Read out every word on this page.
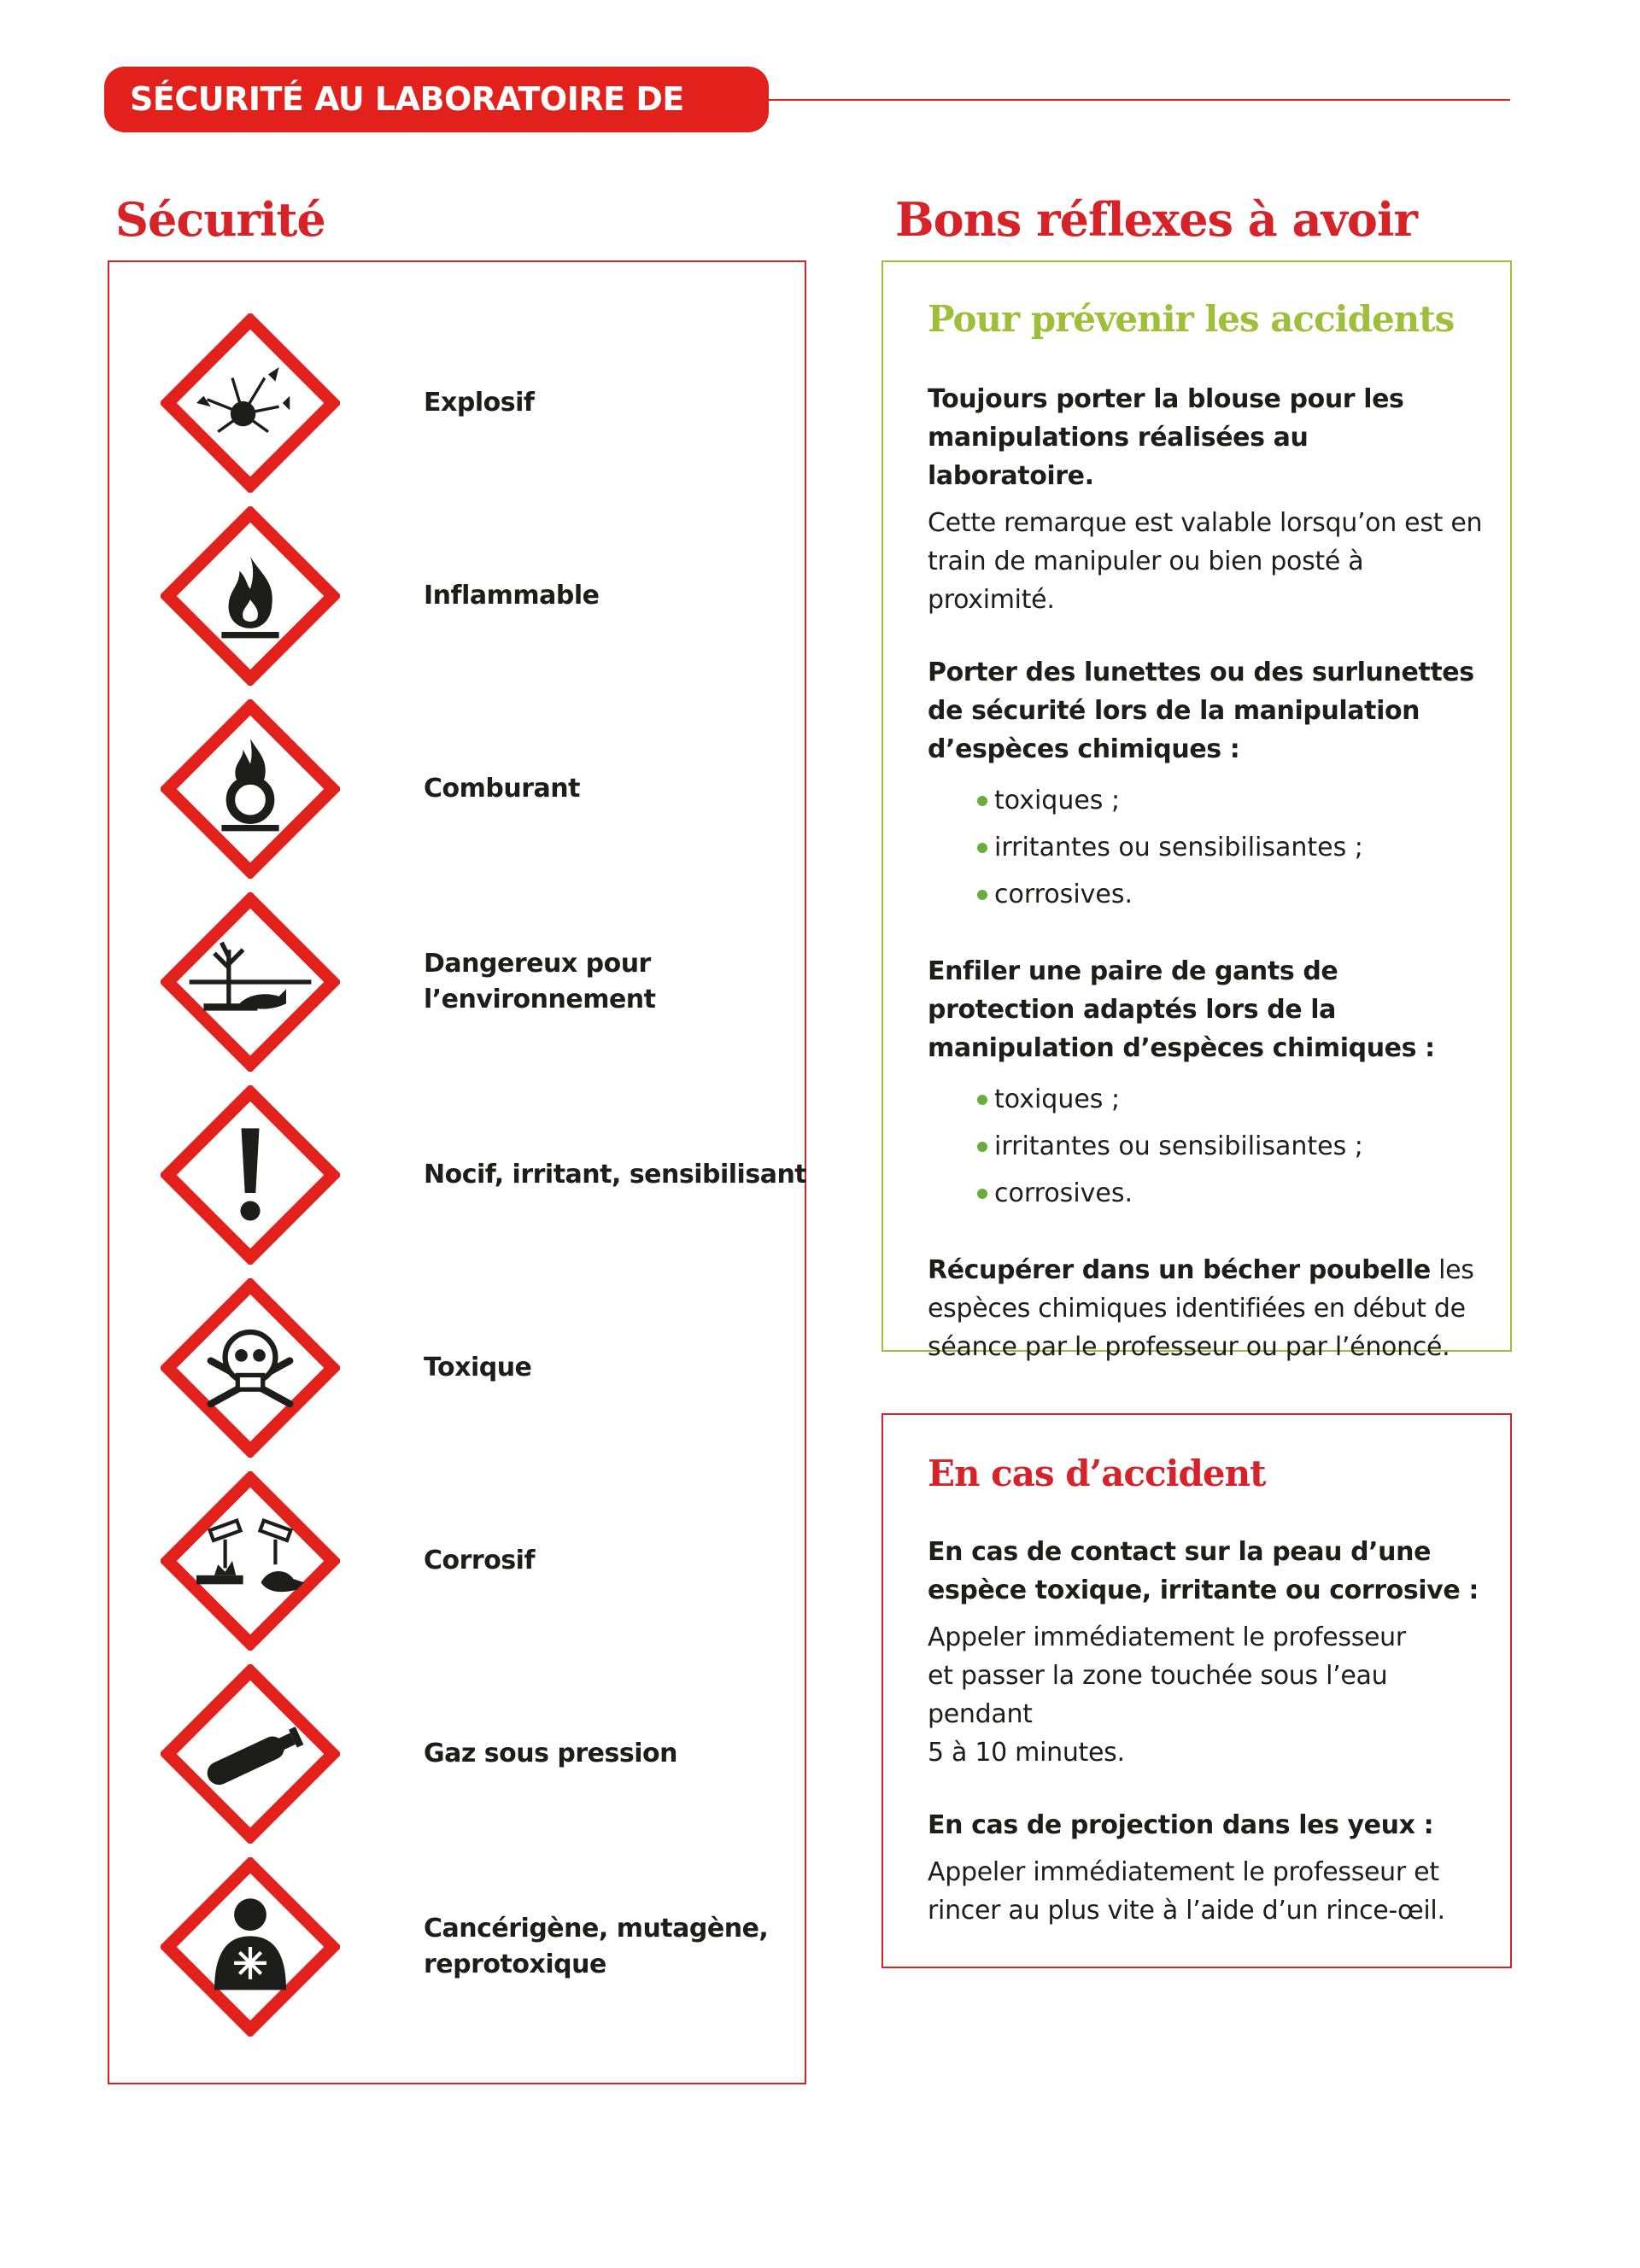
SÉCURITÉ AU LABORATOIRE DE CHIMIE
Sécurité	Bons réflexes à avoir
Explosif
Inflammable
Comburant
Dangereux pour l’environnement
Nocif, irritant, sensibilisant
Toxique
Corrosif
Gaz sous pression
Cancérigène, mutagène,
reprotoxique
Pour prévenir les accidents

Toujours porter la blouse pour les manipulations réalisées au laboratoire.

Cette remarque est valable lorsqu’on est en train de manipuler ou bien posté à proximité.

Porter des lunettes ou des surlunettes de sécurité lors de la manipulation d’espèces chimiques :

toxiques ;
irritantes ou sensibilisantes ;
corrosives.

Enfiler une paire de gants de protection adaptés lors de la manipulation d’espèces chimiques :

toxiques ;
irritantes ou sensibilisantes ;
corrosives.

Récupérer dans un bécher poubelle les espèces chimiques identifiées en début de séance par le professeur ou par l’énoncé.

En cas d’accident

En cas de contact sur la peau d’une espèce toxique, irritante ou corrosive :

Appeler immédiatement le professeur
et passer la zone touchée sous l’eau pendant
5 à 10 minutes.

En cas de projection dans les yeux :

Appeler immédiatement le professeur et rincer au plus vite à l’aide d’un rince-œil.
